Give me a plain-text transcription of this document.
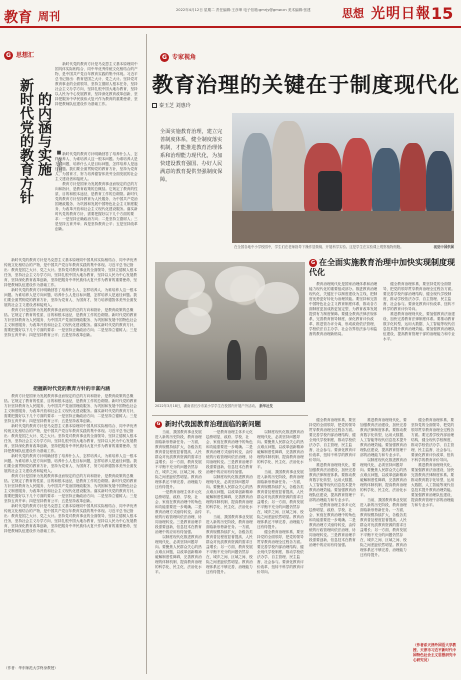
教育 周刊	2022年4月12日 星期二 责任编辑:王彦坤 电子信箱:gmrjy@gmw.cn 美术编辑:张建	思想 光明日報 15
G 思想汇
新时代党的教育方针 的内涵与实施 ■ 袁振国

新时代党的教育方针是马克思主义基本原理同中国具体实际相结合、同中华优秀传统文化相结合的产物，是中国共产党百年教育实践的集中体现。习近平总书记指出：教育是国之大计、党之大计。坚持党对教育事业的全面领导，坚持立德树人根本任务，坚持社会主义办学方向，坚持扎根中国大地办教育，坚持以人民为中心发展教育，坚持深化教育改革创新，坚持把服务中华民族伟大复兴作为教育的重要使命，坚持把教师队伍建设作为基础工作。

新时代党的教育方针明确回答了培养什么人、怎样培养人、为谁培养人这一根本问题。为谁培养人是方向问题，培养什么人是目标问题，怎样培养人是途径问题。我们要全面贯彻党的教育方针，坚持为党育人、为国育才，努力培养德智体美劳全面发展的社会主义建设者和接班人。

教育方针是国家为发展教育事业而规定的总的方向和指针，是教育政策的总概括。它规定了教育的性质、目的和根本途径，是教育工作的总纲领。新时代党的教育方针坚持教育为人民服务、为中国共产党治国理政服务、为巩固和发展中国特色社会主义制度服务、为改革开放和社会主义现代化建设服务。落实新时代党的教育方针，需要把握好以下几个方面的要求：一是坚持正确政治方向；二是坚持立德树人；三是坚持五育并举；四是坚持教育公平；五是坚持改革创新。

新时代党的教育方针是马克思主义基本原理同中国具体实际相结合、同中华优秀传统文化相结合的产物，是中国共产党百年教育实践的集中体现。习近平总书记指出：教育是国之大计、党之大计。坚持党对教育事业的全面领导，坚持立德树人根本任务，坚持社会主义办学方向，坚持扎根中国大地办教育，坚持以人民为中心发展教育，坚持深化教育改革创新，坚持把服务中华民族伟大复兴作为教育的重要使命，坚持把教师队伍建设作为基础工作。

新时代党的教育方针明确回答了培养什么人、怎样培养人、为谁培养人这一根本问题。为谁培养人是方向问题，培养什么人是目标问题，怎样培养人是途径问题。我们要全面贯彻党的教育方针，坚持为党育人、为国育才，努力培养德智体美劳全面发展的社会主义建设者和接班人。

教育方针是国家为发展教育事业而规定的总的方向和指针，是教育政策的总概括。它规定了教育的性质、目的和根本途径，是教育工作的总纲领。新时代党的教育方针坚持教育为人民服务、为中国共产党治国理政服务、为巩固和发展中国特色社会主义制度服务、为改革开放和社会主义现代化建设服务。落实新时代党的教育方针，需要把握好以下几个方面的要求：一是坚持正确政治方向；二是坚持立德树人；三是坚持五育并举；四是坚持教育公平；五是坚持改革创新。

把握新时代党的教育方针的丰富内涵

教育方针是国家为发展教育事业而规定的总的方向和指针，是教育政策的总概括。它规定了教育的性质、目的和根本途径，是教育工作的总纲领。新时代党的教育方针坚持教育为人民服务、为中国共产党治国理政服务、为巩固和发展中国特色社会主义制度服务、为改革开放和社会主义现代化建设服务。落实新时代党的教育方针，需要把握好以下几个方面的要求：一是坚持正确政治方向；二是坚持立德树人；三是坚持五育并举；四是坚持教育公平；五是坚持改革创新。

新时代党的教育方针是马克思主义基本原理同中国具体实际相结合、同中华优秀传统文化相结合的产物，是中国共产党百年教育实践的集中体现。习近平总书记指出：教育是国之大计、党之大计。坚持党对教育事业的全面领导，坚持立德树人根本任务，坚持社会主义办学方向，坚持扎根中国大地办教育，坚持以人民为中心发展教育，坚持深化教育改革创新，坚持把服务中华民族伟大复兴作为教育的重要使命，坚持把教师队伍建设作为基础工作。

新时代党的教育方针明确回答了培养什么人、怎样培养人、为谁培养人这一根本问题。为谁培养人是方向问题，培养什么人是目标问题，怎样培养人是途径问题。我们要全面贯彻党的教育方针，坚持为党育人、为国育才，努力培养德智体美劳全面发展的社会主义建设者和接班人。

教育方针是国家为发展教育事业而规定的总的方向和指针，是教育政策的总概括。它规定了教育的性质、目的和根本途径，是教育工作的总纲领。新时代党的教育方针坚持教育为人民服务、为中国共产党治国理政服务、为巩固和发展中国特色社会主义制度服务、为改革开放和社会主义现代化建设服务。落实新时代党的教育方针，需要把握好以下几个方面的要求：一是坚持正确政治方向；二是坚持立德树人；三是坚持五育并举；四是坚持教育公平；五是坚持改革创新。

新时代党的教育方针是马克思主义基本原理同中国具体实际相结合、同中华优秀传统文化相结合的产物，是中国共产党百年教育实践的集中体现。习近平总书记指出：教育是国之大计、党之大计。坚持党对教育事业的全面领导，坚持立德树人根本任务，坚持社会主义办学方向，坚持扎根中国大地办教育，坚持以人民为中心发展教育，坚持深化教育改革创新，坚持把服务中华民族伟大复兴作为教育的重要使命，坚持把教师队伍建设作为基础工作。

（作者：华东师范大学终身教授）
G 专家视角
教育治理的关键在于制度现代化
秦玉芝 刘惠玲
全面实施教育治理，建立完善制度体系，健全制度落实机制，才能推进教育治理体系和治理能力现代化，为加快建设教育强国、办好人民满意的教育提供坚强制度保障。
在全国各地中小学校园中，学生们在老师指导下操作显微镜、开展科学实验。这是学生在实验课上观察植物细胞。	视觉中国供图
2022年3月18日，湖南省长沙市某小学学生在校园内开展户外活动。 新华社发
G 在全面实施教育治理中加快实现制度现代化

教育治理现代化是国家治理体系和治理能力现代化的重要组成部分。推进教育治理现代化，关键在于以制度建设为主线，把制度优势更好转化为治理效能。要坚持和完善中国特色社会主义教育制度体系，推动各方面制度更加成熟更加定型，为教育改革发展提供有力制度保障。要健全教育法律法规体系，完善教育督导制度，深化教育评价改革，推进管办评分离，形成政府依法管理、学校依法自主办学、社会各界依法参与和监督的教育治理新格局。

健全教育治理体系，要坚持党的全面领导，把党的领导贯穿教育治理全过程各方面。要完善学校内部治理结构，健全现代学校制度，推动学校依法办学、自主管理、民主监督、社会参与。要深化教育评价改革，扭转不科学的教育评价导向。

推进教育治理现代化，要加强教育法治建设，加快完善教育法律制度体系。要推动教育数字化转型，运用大数据、人工智能等现代信息技术提升教育治理效能。要加强教育治理队伍建设，提高教育管理干部的治理能力和专业水平。

G 新时代我国教育治理面临的新问题

当前，我国教育事业发展进入新的历史阶段，教育治理面临新形势新任务。一方面，教育规模持续扩大，各级各类教育普及程度显著提高，人民群众对优质教育资源的需求日益增长；另一方面，教育发展不平衡不充分的问题仍然存在，城乡之间、区域之间、校际之间差距依然明显。教育治理体系还不够完善，治理能力还有待提升。

一是教育治理主体多元化趋势明显，政府、学校、社会、家庭在教育治理中的角色和功能需要进一步明确。二是教育治理方式亟待转变，由传统的行政管理向依法治理、协同治理转变。三是教育治理手段需要创新，信息技术在教育治理中的应用有待加强。

以制度现代化推进教育治理现代化，必须坚持问题导向。要聚焦人民群众关心的热点难点问题，以改革创新精神破解制度性障碍，完善教育治理的体制机制，提高教育治理的科学化、民主化、法治化水平。

一是教育治理主体多元化趋势明显，政府、学校、社会、家庭在教育治理中的角色和功能需要进一步明确。二是教育治理方式亟待转变，由传统的行政管理向依法治理、协同治理转变。三是教育治理手段需要创新，信息技术在教育治理中的应用有待加强。

以制度现代化推进教育治理现代化，必须坚持问题导向。要聚焦人民群众关心的热点难点问题，以改革创新精神破解制度性障碍，完善教育治理的体制机制，提高教育治理的科学化、民主化、法治化水平。

当前，我国教育事业发展进入新的历史阶段，教育治理面临新形势新任务。一方面，教育规模持续扩大，各级各类教育普及程度显著提高，人民群众对优质教育资源的需求日益增长；另一方面，教育发展不平衡不充分的问题仍然存在，城乡之间、区域之间、校际之间差距依然明显。教育治理体系还不够完善，治理能力还有待提升。

以制度现代化推进教育治理现代化，必须坚持问题导向。要聚焦人民群众关心的热点难点问题，以改革创新精神破解制度性障碍，完善教育治理的体制机制，提高教育治理的科学化、民主化、法治化水平。

当前，我国教育事业发展进入新的历史阶段，教育治理面临新形势新任务。一方面，教育规模持续扩大，各级各类教育普及程度显著提高，人民群众对优质教育资源的需求日益增长；另一方面，教育发展不平衡不充分的问题仍然存在，城乡之间、区域之间、校际之间差距依然明显。教育治理体系还不够完善，治理能力还有待提升。

健全教育治理体系，要坚持党的全面领导，把党的领导贯穿教育治理全过程各方面。要完善学校内部治理结构，健全现代学校制度，推动学校依法办学、自主管理、民主监督、社会参与。要深化教育评价改革，扭转不科学的教育评价导向。

健全教育治理体系，要坚持党的全面领导，把党的领导贯穿教育治理全过程各方面。要完善学校内部治理结构，健全现代学校制度，推动学校依法办学、自主管理、民主监督、社会参与。要深化教育评价改革，扭转不科学的教育评价导向。

推进教育治理现代化，要加强教育法治建设，加快完善教育法律制度体系。要推动教育数字化转型，运用大数据、人工智能等现代信息技术提升教育治理效能。要加强教育治理队伍建设，提高教育管理干部的治理能力和专业水平。

一是教育治理主体多元化趋势明显，政府、学校、社会、家庭在教育治理中的角色和功能需要进一步明确。二是教育治理方式亟待转变，由传统的行政管理向依法治理、协同治理转变。三是教育治理手段需要创新，信息技术在教育治理中的应用有待加强。

推进教育治理现代化，要加强教育法治建设，加快完善教育法律制度体系。要推动教育数字化转型，运用大数据、人工智能等现代信息技术提升教育治理效能。要加强教育治理队伍建设，提高教育管理干部的治理能力和专业水平。

以制度现代化推进教育治理现代化，必须坚持问题导向。要聚焦人民群众关心的热点难点问题，以改革创新精神破解制度性障碍，完善教育治理的体制机制，提高教育治理的科学化、民主化、法治化水平。

当前，我国教育事业发展进入新的历史阶段，教育治理面临新形势新任务。一方面，教育规模持续扩大，各级各类教育普及程度显著提高，人民群众对优质教育资源的需求日益增长；另一方面，教育发展不平衡不充分的问题仍然存在，城乡之间、区域之间、校际之间差距依然明显。教育治理体系还不够完善，治理能力还有待提升。

健全教育治理体系，要坚持党的全面领导，把党的领导贯穿教育治理全过程各方面。要完善学校内部治理结构，健全现代学校制度，推动学校依法办学、自主管理、民主监督、社会参与。要深化教育评价改革，扭转不科学的教育评价导向。

推进教育治理现代化，要加强教育法治建设，加快完善教育法律制度体系。要推动教育数字化转型，运用大数据、人工智能等现代信息技术提升教育治理效能。要加强教育治理队伍建设，提高教育管理干部的治理能力和专业水平。

（作者系天津外国语大学教授、天津市习近平新时代中国特色社会主义思想研究中心研究员）
